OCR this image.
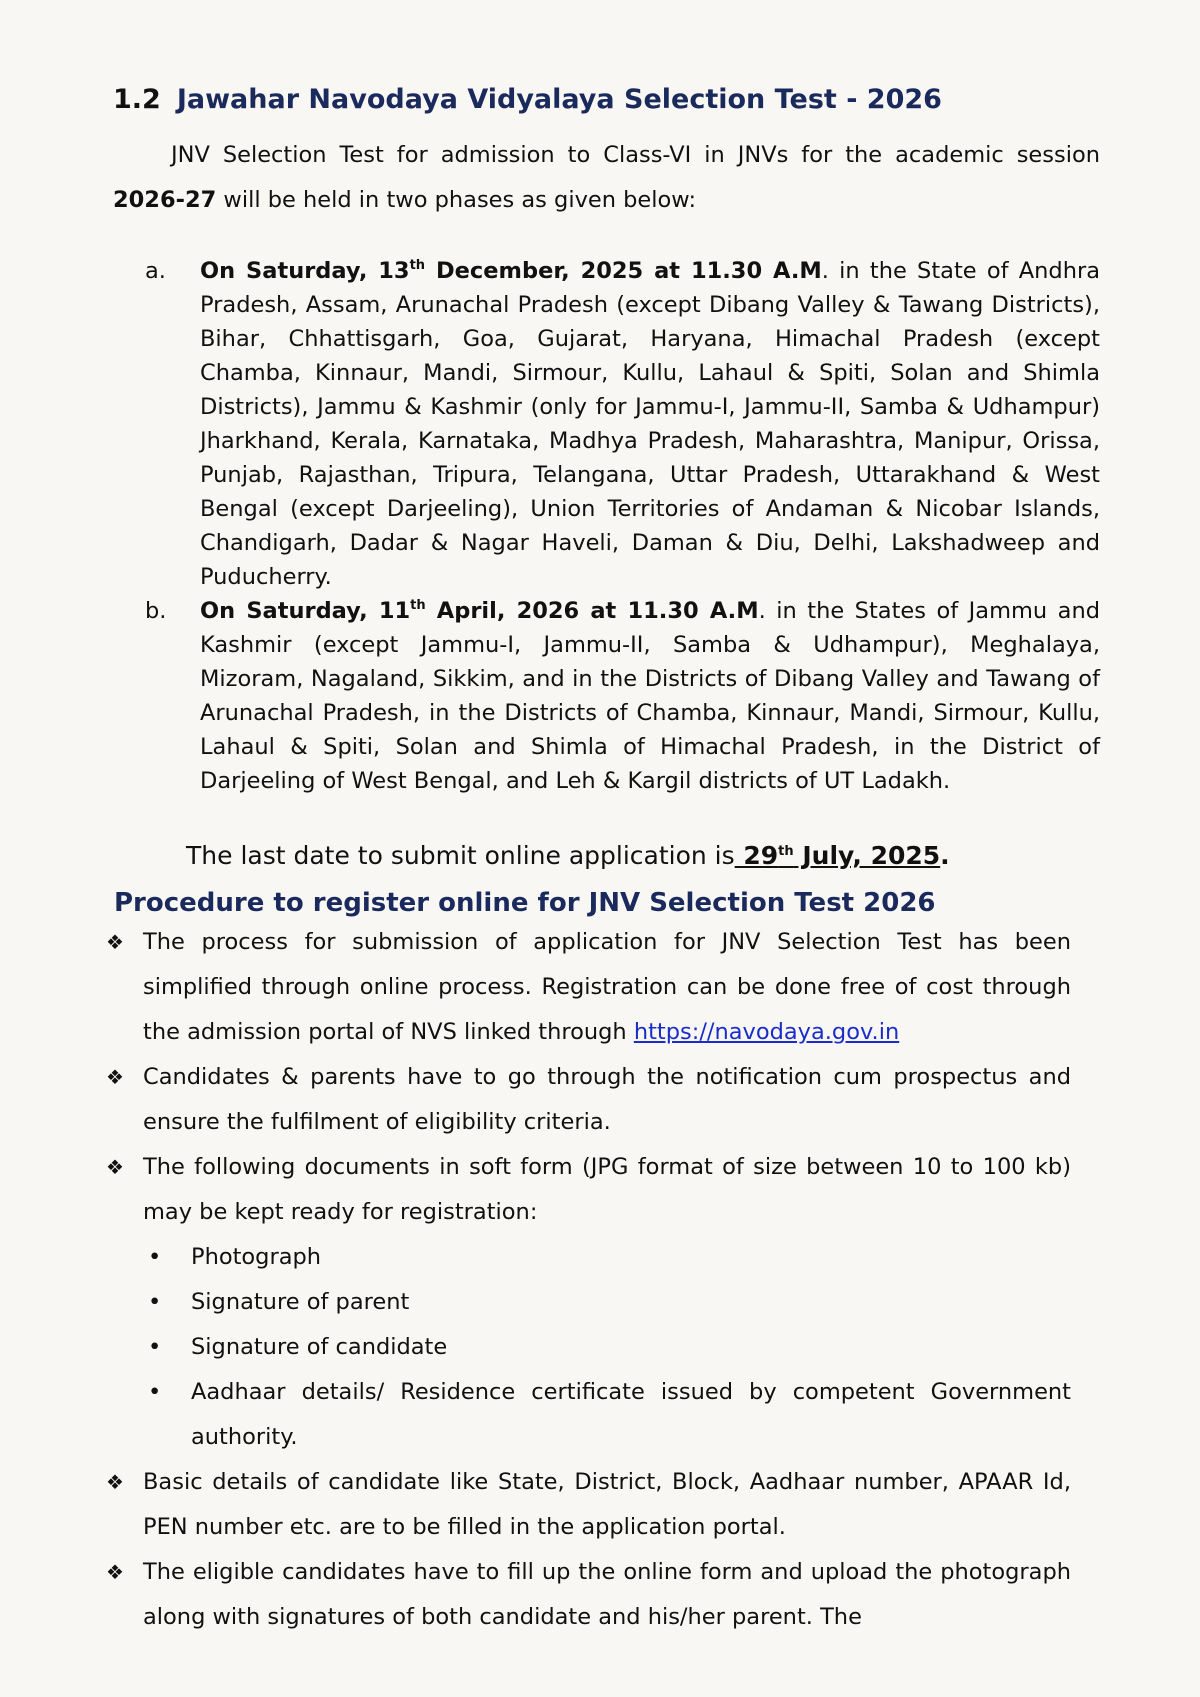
1.2 Jawahar Navodaya Vidyalaya Selection Test - 2026
JNV Selection Test for admission to Class-VI in JNVs for the academic session 2026-27 will be held in two phases as given below:
a.	On Saturday, 13th December, 2025 at 11.30 A.M. in the State of Andhra Pradesh, Assam, Arunachal Pradesh (except Dibang Valley & Tawang Districts), Bihar, Chhattisgarh, Goa, Gujarat, Haryana, Himachal Pradesh (except Chamba, Kinnaur, Mandi, Sirmour, Kullu, Lahaul & Spiti, Solan and Shimla Districts), Jammu & Kashmir (only for Jammu-I, Jammu-II, Samba & Udhampur) Jharkhand, Kerala, Karnataka, Madhya Pradesh, Maharashtra, Manipur, Orissa, Punjab, Rajasthan, Tripura, Telangana, Uttar Pradesh, Uttarakhand & West Bengal (except Darjeeling), Union Territories of Andaman & Nicobar Islands, Chandigarh, Dadar & Nagar Haveli, Daman & Diu, Delhi, Lakshadweep and Puducherry.
b.	On Saturday, 11th April, 2026 at 11.30 A.M. in the States of Jammu and Kashmir (except Jammu-I, Jammu-II, Samba & Udhampur), Meghalaya, Mizoram, Nagaland, Sikkim, and in the Districts of Dibang Valley and Tawang of Arunachal Pradesh, in the Districts of Chamba, Kinnaur, Mandi, Sirmour, Kullu, Lahaul & Spiti, Solan and Shimla of Himachal Pradesh, in the District of Darjeeling of West Bengal, and Leh & Kargil districts of UT Ladakh.
The last date to submit online application is 29th July, 2025.
Procedure to register online for JNV Selection Test 2026
❖ The process for submission of application for JNV Selection Test has been simplified through online process. Registration can be done free of cost through the admission portal of NVS linked through https://navodaya.gov.in
❖ Candidates & parents have to go through the notification cum prospectus and ensure the fulfilment of eligibility criteria.
❖ The following documents in soft form (JPG format of size between 10 to 100 kb) may be kept ready for registration:
•	Photograph
•	Signature of parent
•	Signature of candidate
•	Aadhaar details/ Residence certificate issued by competent Government authority.
❖ Basic details of candidate like State, District, Block, Aadhaar number, APAAR Id, PEN number etc. are to be filled in the application portal.
❖ The eligible candidates have to fill up the online form and upload the photograph along with signatures of both candidate and his/her parent. The
